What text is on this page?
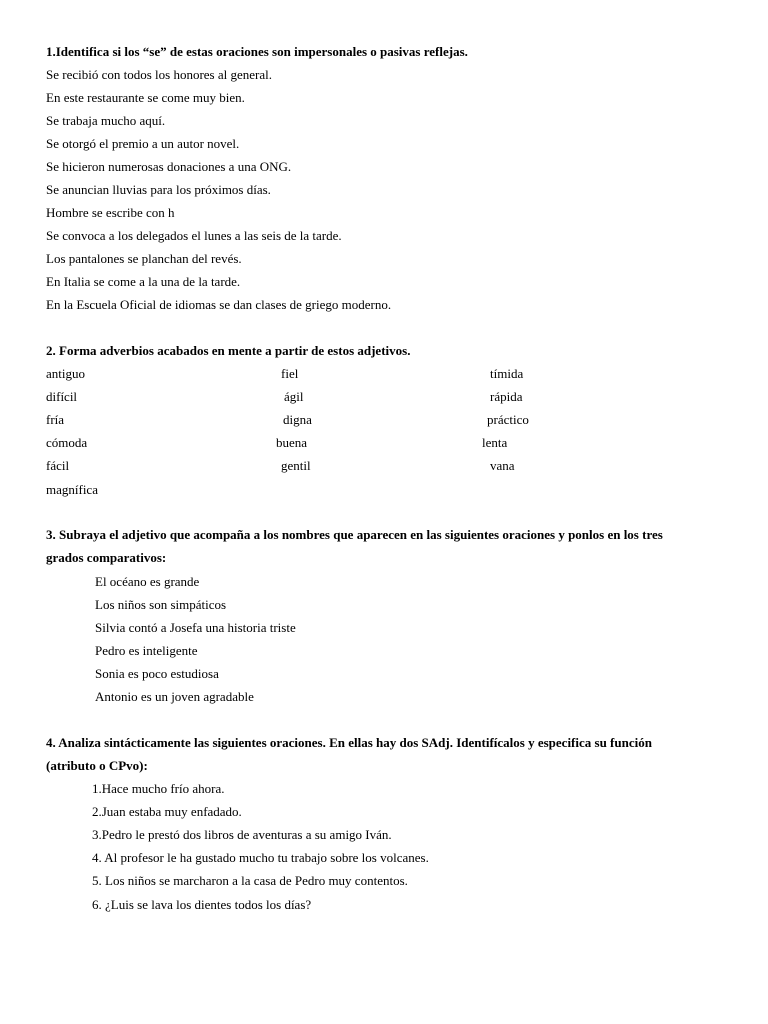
1.Identifica si los “se” de estas oraciones son impersonales o pasivas reflejas.

Se recibió con todos los honores al general.

En este restaurante se come muy bien.

Se trabaja mucho aquí.

Se otorgó el premio a un autor novel.

Se hicieron numerosas donaciones a una ONG.

Se anuncian lluvias para los próximos días.

Hombre se escribe con h

Se convoca a los delegados el lunes a las seis de la tarde.

Los pantalones se planchan del revés.

En Italia se come a la una de la tarde.

En la Escuela Oficial de idiomas se dan clases de griego moderno.

2. Forma adverbios acabados en mente a partir de estos adjetivos.

antiguo

difícil

fría

cómoda

fácil

magnífica

fiel

ágil

digna

buena

gentil

tímida

rápida

práctico

lenta

vana

3. Subraya el adjetivo que acompaña a los nombres que aparecen en las siguientes oraciones y ponlos en los tres

grados comparativos:

El océano es grande

Los niños son simpáticos

Silvia contó a Josefa una historia triste

Pedro es inteligente

Sonia es poco estudiosa

Antonio es un joven agradable

4. Analiza sintácticamente las siguientes oraciones. En ellas hay dos SAdj. Identifícalos y especifica su función

(atributo o CPvo):

1.Hace mucho frío ahora.

2.Juan estaba muy enfadado.

3.Pedro le prestó dos libros de aventuras a su amigo Iván.

4. Al profesor le ha gustado mucho tu trabajo sobre los volcanes.

5. Los niños se marcharon a la casa de Pedro muy contentos.

6. ¿Luis se lava los dientes todos los días?
